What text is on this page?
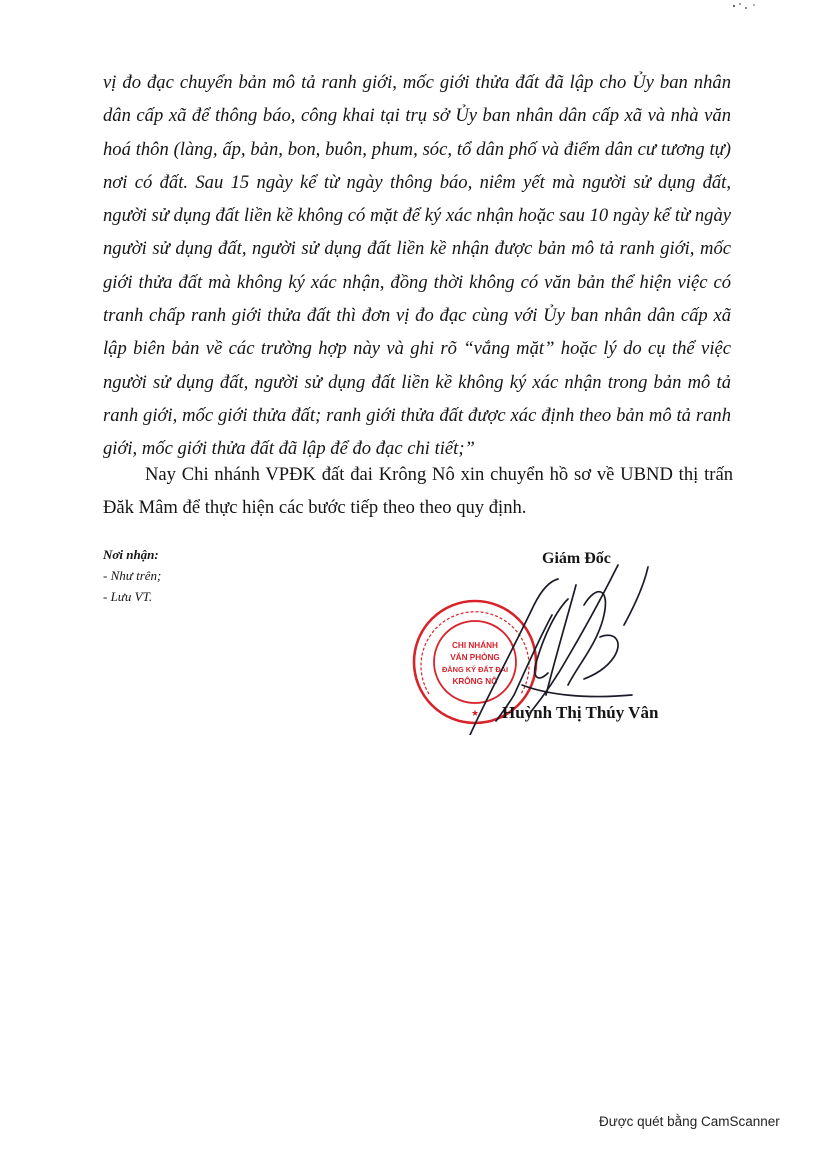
vị đo đạc chuyển bản mô tả ranh giới, mốc giới thửa đất đã lập cho Ủy ban nhân dân cấp xã để thông báo, công khai tại trụ sở Ủy ban nhân dân cấp xã và nhà văn hoá thôn (làng, ấp, bản, bon, buôn, phum, sóc, tổ dân phố và điểm dân cư tương tự) nơi có đất. Sau 15 ngày kể từ ngày thông báo, niêm yết mà người sử dụng đất, người sử dụng đất liền kề không có mặt để ký xác nhận hoặc sau 10 ngày kể từ ngày người sử dụng đất, người sử dụng đất liền kề nhận được bản mô tả ranh giới, mốc giới thửa đất mà không ký xác nhận, đồng thời không có văn bản thể hiện việc có tranh chấp ranh giới thửa đất thì đơn vị đo đạc cùng với Ủy ban nhân dân cấp xã lập biên bản về các trường hợp này và ghi rõ “vắng mặt” hoặc lý do cụ thể việc người sử dụng đất, người sử dụng đất liền kề không ký xác nhận trong bản mô tả ranh giới, mốc giới thửa đất; ranh giới thửa đất được xác định theo bản mô tả ranh giới, mốc giới thửa đất đã lập để đo đạc chi tiết;”

Nay Chi nhánh VPĐK đất đai Krông Nô xin chuyển hồ sơ về UBND thị trấn Đăk Mâm để thực hiện các bước tiếp theo theo quy định.

Nơi nhận:
- Như trên;
- Lưu VT.
Giám Đốc
CHI NHÁNH
VĂN PHÒNG
ĐĂNG KÝ ĐẤT ĐAI
KRÔNG NÔ
★ Huỳnh Thị Thúy Vân
Được quét bằng CamScanner
